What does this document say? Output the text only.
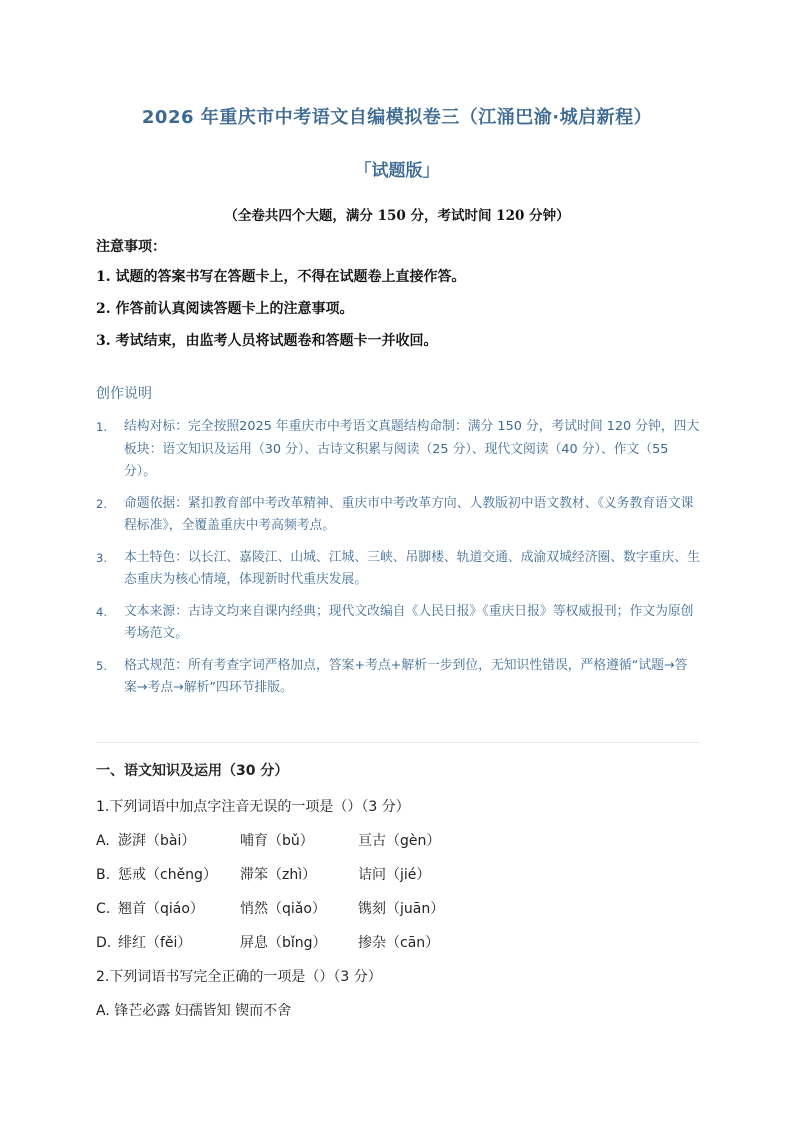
2026 年重庆市中考语文自编模拟卷三（江涌巴渝·城启新程）
「试题版」
（全卷共四个大题，满分 150 分，考试时间 120 分钟）
注意事项：
1. 试题的答案书写在答题卡上，不得在试题卷上直接作答。
2. 作答前认真阅读答题卡上的注意事项。
3. 考试结束，由监考人员将试题卷和答题卡一并收回。
创作说明
1. 结构对标：完全按照2025 年重庆市中考语文真题结构命制：满分 150 分，考试时间 120 分钟，四大板块：语文知识及运用（30 分）、古诗文积累与阅读（25 分）、现代文阅读（40 分）、作文（55 分）。
2. 命题依据：紧扣教育部中考改革精神、重庆市中考改革方向、人教版初中语文教材、《义务教育语文课程标准》，全覆盖重庆中考高频考点。
3. 本土特色：以长江、嘉陵江、山城、江城、三峡、吊脚楼、轨道交通、成渝双城经济圈、数字重庆、生态重庆为核心情境，体现新时代重庆发展。
4. 文本来源：古诗文均来自课内经典；现代文改编自《人民日报》《重庆日报》等权威报刊；作文为原创考场范文。
5. 格式规范：所有考查字词严格加点，答案+考点+解析一步到位，无知识性错误，严格遵循“试题→答案→考点→解析”四环节排版。
一、语文知识及运用（30 分）
1.下列词语中加点字注音无误的一项是（）（3 分）
A. 澎湃（bài）	哺育（bǔ）	亘古（gèn）
B. 惩戒（chěng） 滞笨（zhì）	诘问（jié）
C. 翘首（qiáo）	悄然（qiǎo） 镌刻（juān）
D. 绯红（fěi）	屏息（bǐng） 掺杂（cān）
2.下列词语书写完全正确的一项是（）（3 分）
A. 锋芒必露 妇孺皆知 锲而不舍
